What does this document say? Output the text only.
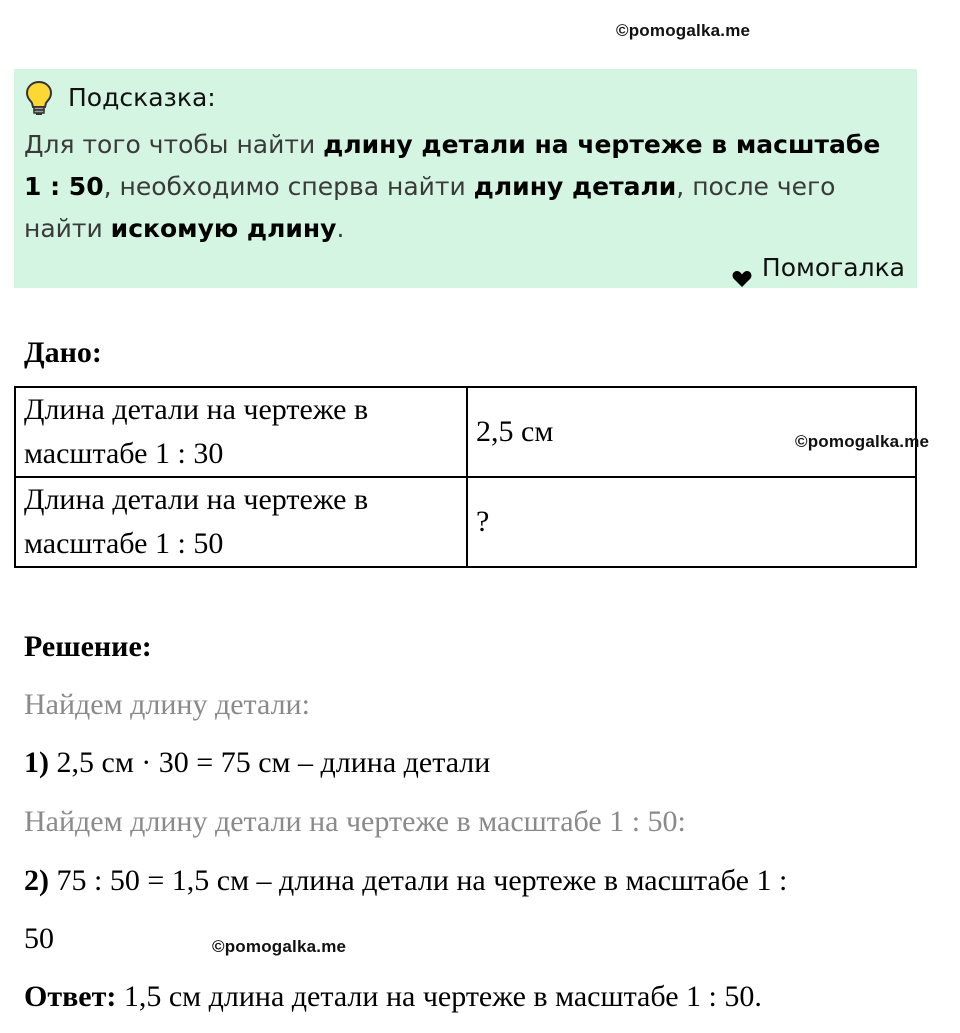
©pomogalka.me
Подсказка:
Для того чтобы найти длину детали на чертеже в масштабе 1 : 50, необходимо сперва найти длину детали, после чего найти искомую длину.
Помогалка
Дано:
Длина детали на чертеже в масштабе 1 : 30	2,5 см
Длина детали на чертеже в масштабе 1 : 50	?
©pomogalka.me
Решение:
Найдем длину детали:
1) 2,5 см · 30 = 75 см – длина детали
Найдем длину детали на чертеже в масштабе 1 : 50:
2) 75 : 50 = 1,5 см – длина детали на чертеже в масштабе 1 :
50	©pomogalka.me
Ответ: 1,5 см длина детали на чертеже в масштабе 1 : 50.
